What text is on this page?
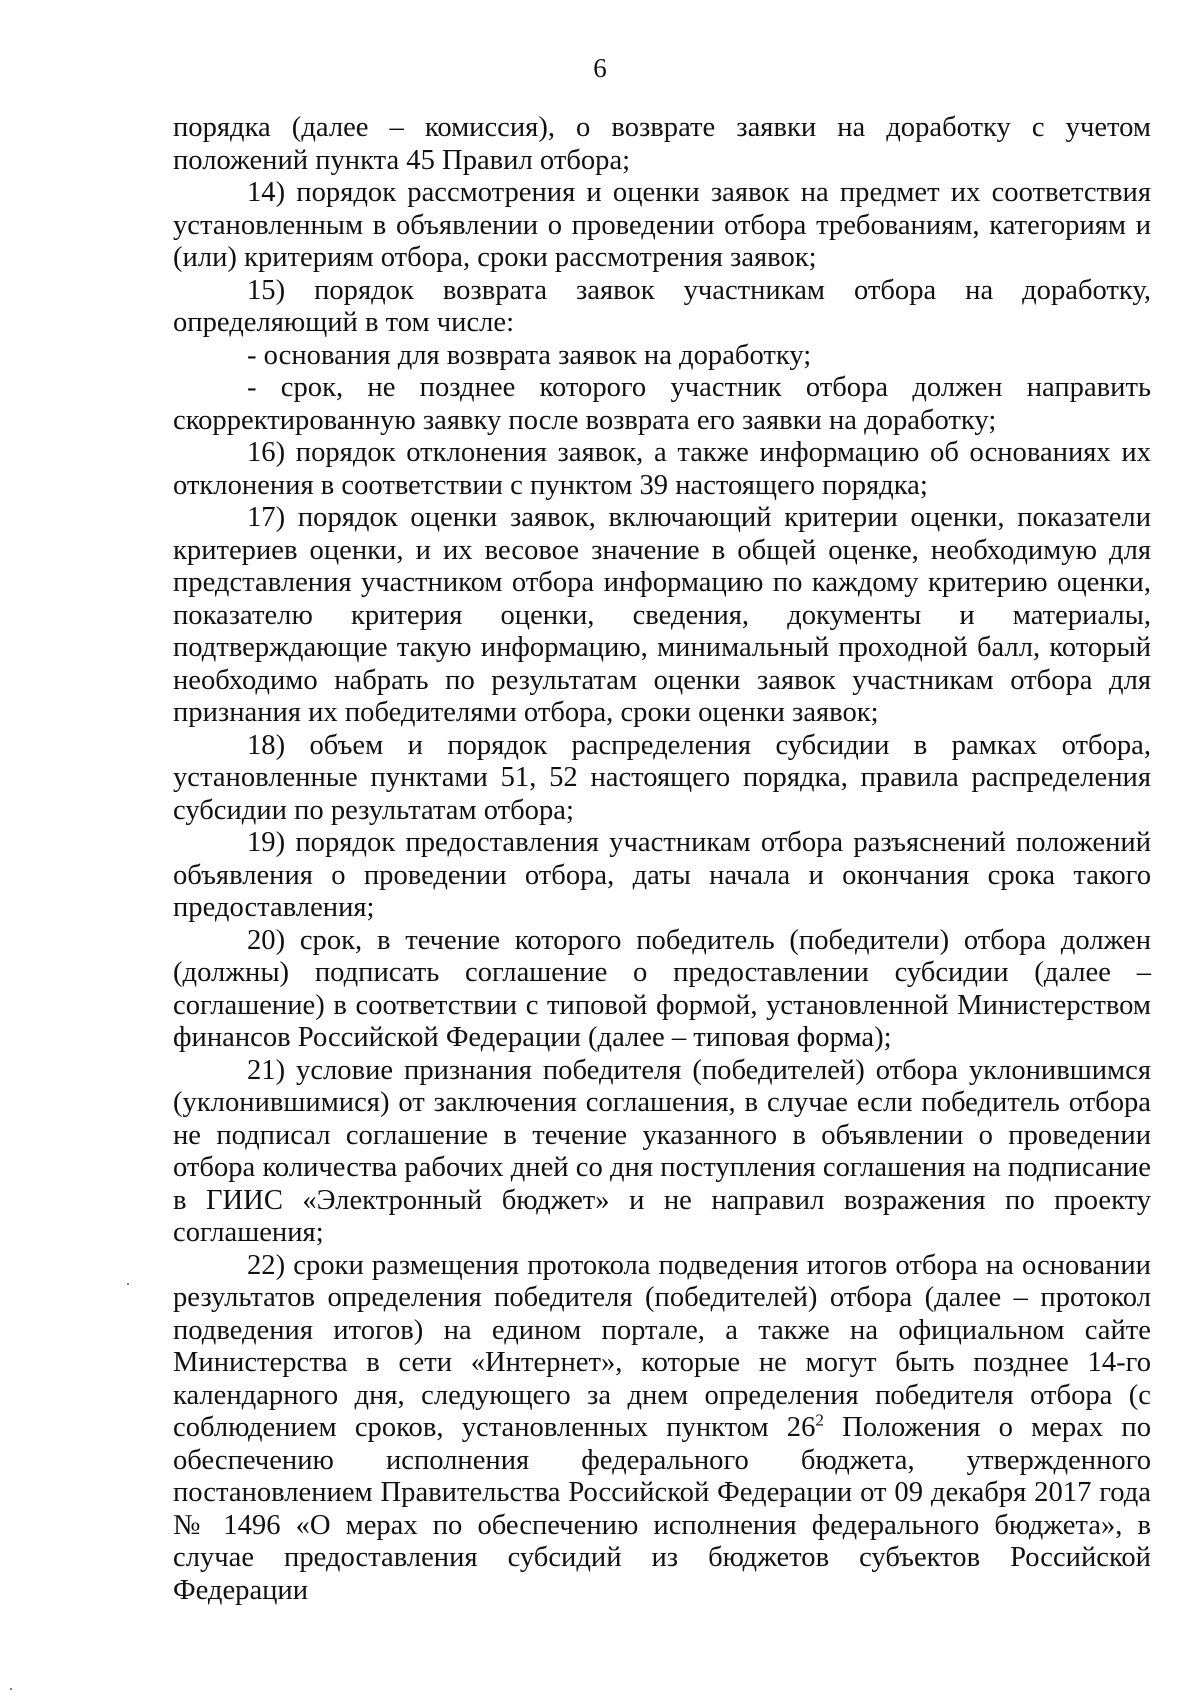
6

порядка (далее – комиссия), о возврате заявки на доработку с учетом положений пункта 45 Правил отбора;

14) порядок рассмотрения и оценки заявок на предмет их соответствия установленным в объявлении о проведении отбора требованиям, категориям и (или) критериям отбора, сроки рассмотрения заявок;

15) порядок возврата заявок участникам отбора на доработку, определяющий в том числе:

- основания для возврата заявок на доработку;

- срок, не позднее которого участник отбора должен направить скорректированную заявку после возврата его заявки на доработку;

16) порядок отклонения заявок, а также информацию об основаниях их отклонения в соответствии с пунктом 39 настоящего порядка;

17) порядок оценки заявок, включающий критерии оценки, показатели критериев оценки, и их весовое значение в общей оценке, необходимую для представления участником отбора информацию по каждому критерию оценки, показателю критерия оценки, сведения, документы и материалы, подтверждающие такую информацию, минимальный проходной балл, который необходимо набрать по результатам оценки заявок участникам отбора для признания их победителями отбора, сроки оценки заявок;

18) объем и порядок распределения субсидии в рамках отбора, установленные пунктами 51, 52 настоящего порядка, правила распределения субсидии по результатам отбора;

19) порядок предоставления участникам отбора разъяснений положений объявления о проведении отбора, даты начала и окончания срока такого предоставления;

20) срок, в течение которого победитель (победители) отбора должен (должны) подписать соглашение о предоставлении субсидии (далее – соглашение) в соответствии с типовой формой, установленной Министерством финансов Российской Федерации (далее – типовая форма);

21) условие признания победителя (победителей) отбора уклонившимся (уклонившимися) от заключения соглашения, в случае если победитель отбора не подписал соглашение в течение указанного в объявлении о проведении отбора количества рабочих дней со дня поступления соглашения на подписание в ГИИС «Электронный бюджет» и не направил возражения по проекту соглашения;

22) сроки размещения протокола подведения итогов отбора на основании результатов определения победителя (победителей) отбора (далее – протокол подведения итогов) на едином портале, а также на официальном сайте Министерства в сети «Интернет», которые не могут быть позднее 14-го календарного дня, следующего за днем определения победителя отбора (с соблюдением сроков, установленных пунктом $26^2$ Положения о мерах по обеспечению исполнения федерального бюджета, утвержденного постановлением Правительства Российской Федерации от 09 декабря 2017 года № 1496 «О мерах по обеспечению исполнения федерального бюджета», в случае предоставления субсидий из бюджетов субъектов Российской Федерации
